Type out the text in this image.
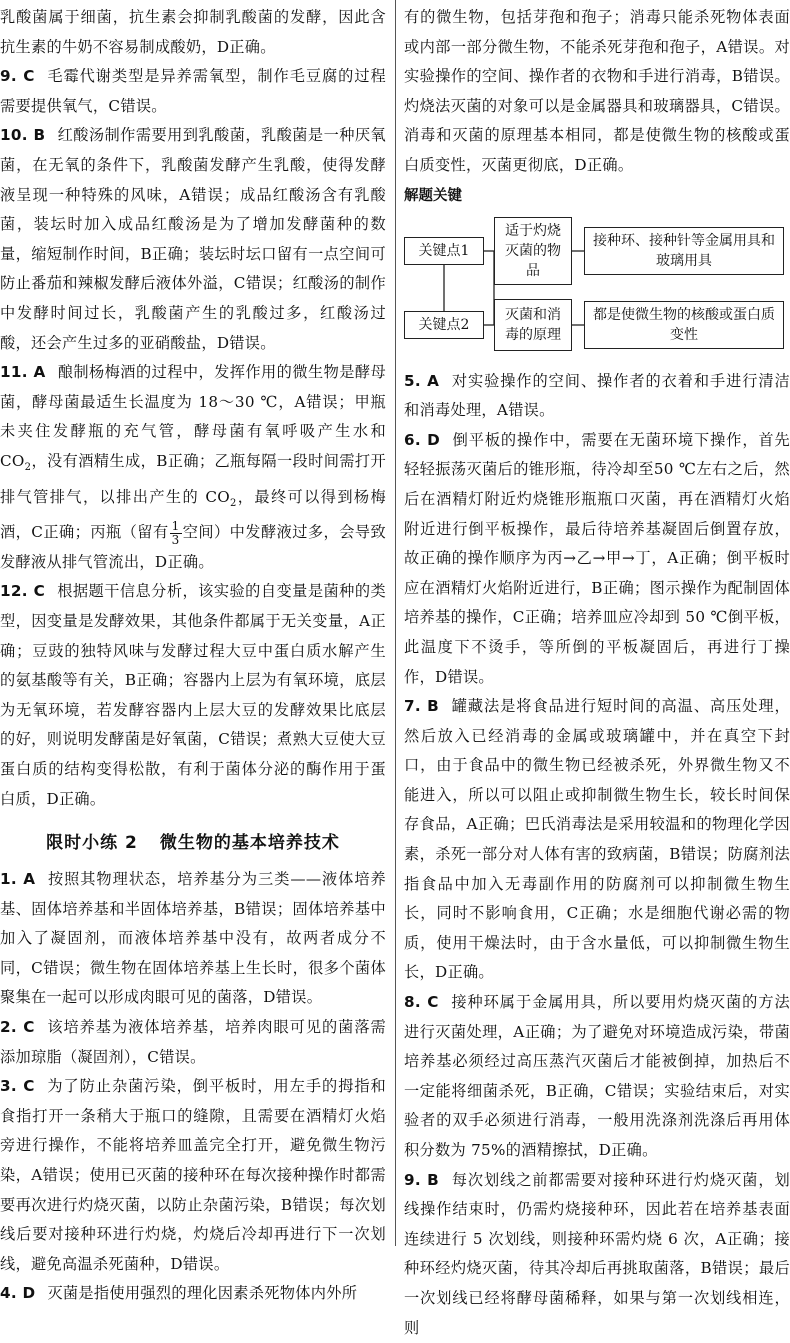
乳酸菌属于细菌，抗生素会抑制乳酸菌的发酵，因此含抗生素的牛奶不容易制成酸奶，D正确。

9. C 毛霉代谢类型是异养需氧型，制作毛豆腐的过程需要提供氧气，C错误。

10. B 红酸汤制作需要用到乳酸菌，乳酸菌是一种厌氧菌，在无氧的条件下，乳酸菌发酵产生乳酸，使得发酵液呈现一种特殊的风味，A错误；成品红酸汤含有乳酸菌，装坛时加入成品红酸汤是为了增加发酵菌种的数量，缩短制作时间，B正确；装坛时坛口留有一点空间可防止番茄和辣椒发酵后液体外溢，C错误；红酸汤的制作中发酵时间过长，乳酸菌产生的乳酸过多，红酸汤过酸，还会产生过多的亚硝酸盐，D错误。

11. A 酿制杨梅酒的过程中，发挥作用的微生物是酵母菌，酵母菌最适生长温度为 18～30 ℃，A错误；甲瓶未夹住发酵瓶的充气管，酵母菌有氧呼吸产生水和 $CO_2$，没有酒精生成，B正确；乙瓶每隔一段时间需打开排气管排气，以排出产生的 $CO_2$，最终可以得到杨梅酒，C正确；丙瓶（留有 $\frac{1}{3}$ 空间）中发酵液过多，会导致发酵液从排气管流出，D正确。

12. C 根据题干信息分析，该实验的自变量是菌种的类型，因变量是发酵效果，其他条件都属于无关变量，A正确；豆豉的独特风味与发酵过程大豆中蛋白质水解产生的氨基酸等有关，B正确；容器内上层为有氧环境，底层为无氧环境，若发酵容器内上层大豆的发酵效果比底层的好，则说明发酵菌是好氧菌，C错误；煮熟大豆使大豆蛋白质的结构变得松散，有利于菌体分泌的酶作用于蛋白质，D正确。

限时小练 2 微生物的基本培养技术

1. A 按照其物理状态，培养基分为三类——液体培养基、固体培养基和半固体培养基，B错误；固体培养基中加入了凝固剂，而液体培养基中没有，故两者成分不同，C错误；微生物在固体培养基上生长时，很多个菌体聚集在一起可以形成肉眼可见的菌落，D错误。

2. C 该培养基为液体培养基，培养肉眼可见的菌落需添加琼脂（凝固剂），C错误。

3. C 为了防止杂菌污染，倒平板时，用左手的拇指和食指打开一条稍大于瓶口的缝隙，且需要在酒精灯火焰旁进行操作，不能将培养皿盖完全打开，避免微生物污染，A错误；使用已灭菌的接种环在每次接种操作时都需要再次进行灼烧灭菌，以防止杂菌污染，B错误；每次划线后要对接种环进行灼烧，灼烧后冷却再进行下一次划线，避免高温杀死菌种，D错误。

4. D 灭菌是指使用强烈的理化因素杀死物体内外所

有的微生物，包括芽孢和孢子；消毒只能杀死物体表面或内部一部分微生物，不能杀死芽孢和孢子，A错误。对实验操作的空间、操作者的衣物和手进行消毒，B错误。灼烧法灭菌的对象可以是金属器具和玻璃器具，C错误。消毒和灭菌的原理基本相同，都是使微生物的核酸或蛋白质变性，灭菌更彻底，D正确。

解题关键
关键点1
关键点2
适于灼烧灭菌的物品
接种环、接种针等金属用具和玻璃用具
灭菌和消毒的原理
都是使微生物的核酸或蛋白质变性

5. A 对实验操作的空间、操作者的衣着和手进行清洁和消毒处理，A错误。

6. D 倒平板的操作中，需要在无菌环境下操作，首先轻轻振荡灭菌后的锥形瓶，待冷却至50 ℃左右之后，然后在酒精灯附近灼烧锥形瓶瓶口灭菌，再在酒精灯火焰附近进行倒平板操作，最后待培养基凝固后倒置存放，故正确的操作顺序为丙→乙→甲→丁，A正确；倒平板时应在酒精灯火焰附近进行，B正确；图示操作为配制固体培养基的操作，C正确；培养皿应冷却到 50 ℃倒平板，此温度下不烫手，等所倒的平板凝固后，再进行丁操作，D错误。

7. B 罐藏法是将食品进行短时间的高温、高压处理，然后放入已经消毒的金属或玻璃罐中，并在真空下封口，由于食品中的微生物已经被杀死，外界微生物又不能进入，所以可以阻止或抑制微生物生长，较长时间保存食品，A正确；巴氏消毒法是采用较温和的物理化学因素，杀死一部分对人体有害的致病菌，B错误；防腐剂法指食品中加入无毒副作用的防腐剂可以抑制微生物生长，同时不影响食用，C正确；水是细胞代谢必需的物质，使用干燥法时，由于含水量低，可以抑制微生物生长，D正确。

8. C 接种环属于金属用具，所以要用灼烧灭菌的方法进行灭菌处理，A正确；为了避免对环境造成污染，带菌培养基必须经过高压蒸汽灭菌后才能被倒掉，加热后不一定能将细菌杀死，B正确，C错误；实验结束后，对实验者的双手必须进行消毒，一般用洗涤剂洗涤后再用体积分数为 75%的酒精擦拭，D正确。

9. B 每次划线之前都需要对接种环进行灼烧灭菌，划线操作结束时，仍需灼烧接种环，因此若在培养基表面连续进行 5 次划线，则接种环需灼烧 6 次，A正确；接种环经灼烧灭菌，待其冷却后再挑取菌落，B错误；最后一次划线已经将酵母菌稀释，如果与第一次划线相连，则
